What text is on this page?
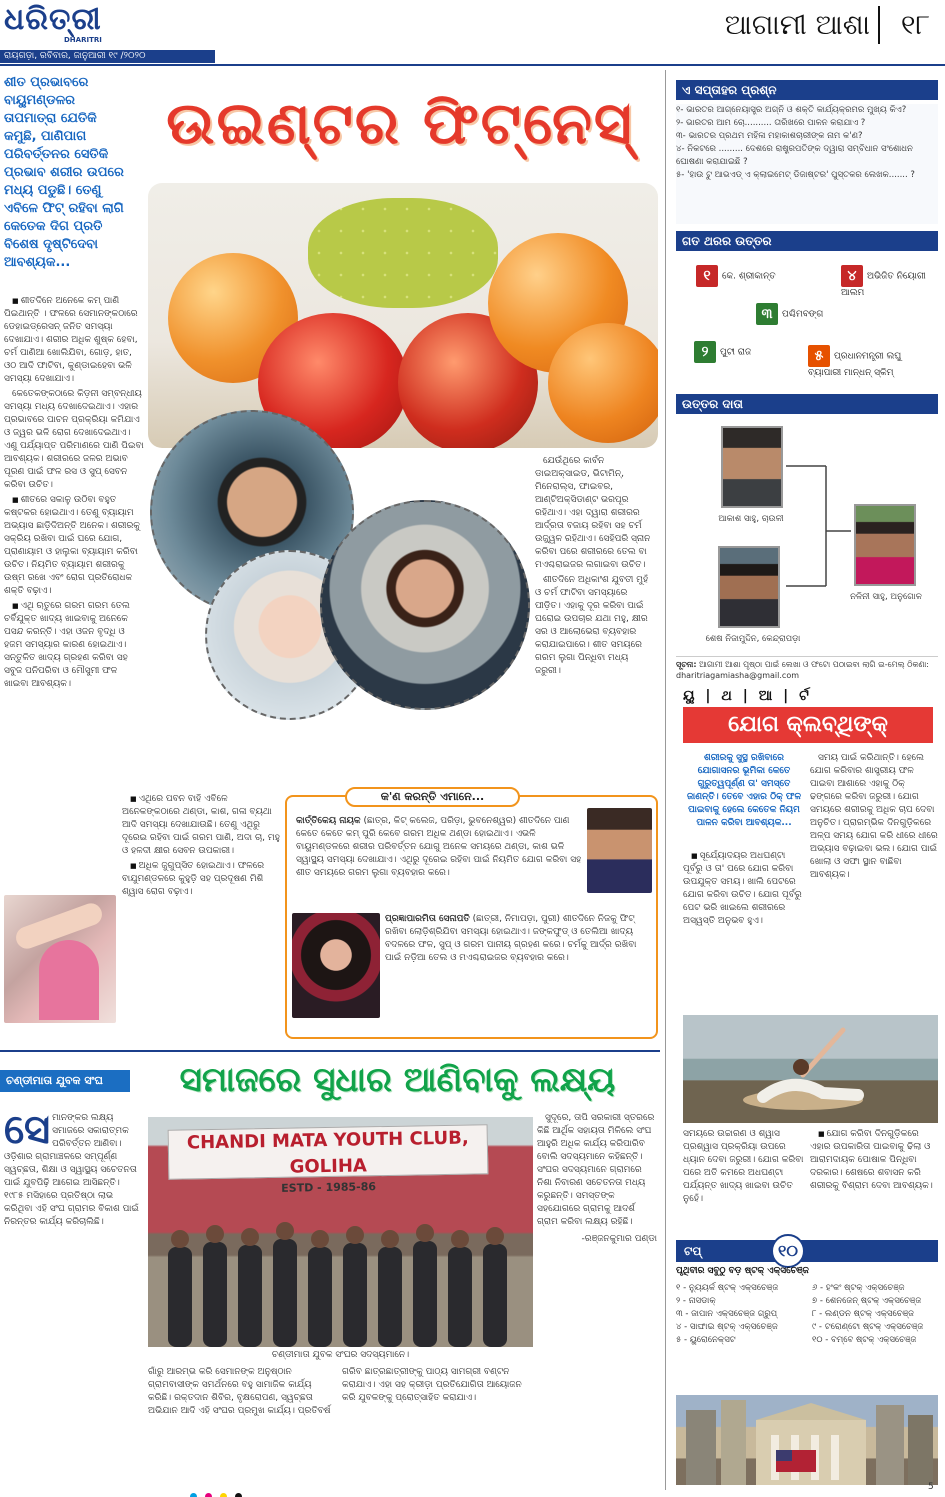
ଧରିତ୍ରୀ
DHARITRI
ରାୟଗଡ଼ା, ରବିବାର, ଜାନୁଆରୀ ୧୯ /୨୦୨୦
ଆଗାମୀ ଆଶା	୧୮
ଶୀତ ପ୍ରଭାବରେ ବାୟୁମଣ୍ଡଳର ତାପମାତ୍ରା ଯେତିକି କମୁଛି, ପାଣିପାଗ ପରିବର୍ତ୍ତନର ସେତିକି ପ୍ରଭାବ ଶରୀର ଉପରେ ମଧ୍ୟ ପଡୁଛି। ତେଣୁ ଏବିଳେ ଫିଟ୍ ରହିବା ଲାଗି କେତେକ ଦିଗ ପ୍ରତି ବିଶେଷ ଦୃଷ୍ଟିଦେବା ଆବଶ୍ୟକ...
ଉଇଣ୍ଟର ଫିଟ୍‌ନେସ୍

■ ଶୀତଦିନେ ଅନେକେ କମ୍ ପାଣି ପିଇଥାନ୍ତି । ଫଳରେ ସେମାନଙ୍କଠାରେ ଡେହାଇଡ୍ରେସନ୍ ଜନିତ ସମସ୍ୟା ଦେଖାଯାଏ। ଶରୀର ଅଧିକ ଶୁଷ୍କ ହେବା, ଚର୍ମ ପାଣିଆ ଖୋଲିଯିବା, ଗୋଡ଼, ହାତ, ଓଠ ଆଦି ଫାଟିବା, କୁଣ୍ଡାଇହେବା ଭଳି ସମସ୍ୟା ଦେଖାଯାଏ।

କେତେକଙ୍କଠାରେ କିଡ଼ନୀ ସମ୍ବନ୍ଧୀୟ ସମସ୍ୟା ମଧ୍ୟ ଦେଖାଦେଇଥାଏ। ଏହାର ପ୍ରଭାବରେ ପାଚନ ପ୍ରକ୍ରିୟା କମିଯାଏ ଓ ଜ୍ୱର ଭଳି ରୋଗ ଦେଖାଦେଇଥାଏ। ଏଣୁ ପର୍ଯ୍ୟାପ୍ତ ପରିମାଣରେ ପାଣି ପିଇବା ଆବଶ୍ୟକ। ଶରୀରରେ ଜଳର ଅଭାବ ପୂରଣ ପାଇଁ ଫଳ ରସ ଓ ସୁପ୍ ସେବନ କରିବା ଉଚିତ।

■ ଶୀତରେ ସକାଳୁ ଉଠିବା ବହୁତ କଷ୍ଟକର ହୋଇଥାଏ। ତେଣୁ ବ୍ୟାୟାମ ଅଭ୍ୟାସ ଛାଡ଼ିଦିଅନ୍ତି ଅନେକ। ଶରୀରକୁ ସକ୍ରିୟ ରଖିବା ପାଇଁ ଘରେ ଯୋଗ, ପ୍ରାଣାୟାମ ଓ ହାଲୁକା ବ୍ୟାୟାମ କରିବା ଉଚିତ। ନିୟମିତ ବ୍ୟାୟାମ ଶରୀରକୁ ଉଷ୍ମ ରଖେ ଏବଂ ରୋଗ ପ୍ରତିରୋଧକ ଶକ୍ତି ବଢ଼ାଏ।

■ ଏଥି ଋତୁରେ ଗରମ ଗରମ ତେଲ ଚର୍ବିଯୁକ୍ତ ଖାଦ୍ୟ ଖାଇବାକୁ ଅନେକେ ପସନ୍ଦ କରନ୍ତି। ଏହା ଓଜନ ବୃଦ୍ଧି ଓ ହଜମ ସମସ୍ୟାର କାରଣ ହୋଇଥାଏ। ସନ୍ତୁଳିତ ଖାଦ୍ୟ ଗ୍ରହଣ କରିବା ସହ ସବୁଜ ପନିପରିବା ଓ ମୌସୁମୀ ଫଳ ଖାଇବା ଆବଶ୍ୟକ।

ଯେଉଁଥିରେ କାର୍ବନ ଡାଇଅକ୍ସାଇଡ, ଭିଟାମିନ୍, ମିନେରାଲ୍ସ, ଫାଇବର, ଆଣ୍ଟିଅକ୍ସିଡାଣ୍ଟ ଭରପୂର ରହିଥାଏ। ଏହା ଦ୍ୱାରା ଶରୀରର ଆର୍ଦ୍ରତା ବଜାୟ ରହିବା ସହ ଚର୍ମ ଉଜ୍ଜ୍ୱଳ ରହିଥାଏ। ସେହିପରି ସ୍ନାନ କରିବା ପରେ ଶରୀରରେ ତେଲ ବା ମଏଶ୍ଚରାଇଜର ଲଗାଇବା ଉଚିତ।

ଶୀତଦିନେ ଅଧିକାଂଶ ଯୁବତୀ ମୁହଁ ଓ ଚର୍ମ ଫାଟିବା ସମସ୍ୟାରେ ପୀଡ଼ିତ। ଏହାକୁ ଦୂର କରିବା ପାଇଁ ଘରୋଇ ଉପଚାର ଯଥା ମହୁ, କ୍ଷୀର ସର ଓ ଆଲୋଭେରା ବ୍ୟବହାର କରାଯାଇପାରେ। ଶୀତ ସମୟରେ ଗରମ ଲୁଗା ପିନ୍ଧିବା ମଧ୍ୟ ଜରୁରୀ।

■ ଏଥିରେ ପବନ ବାହି ଏବିଳେ ଅନେକଙ୍କଠାରେ ଥଣ୍ଡା, କାଶ, ଗଳା ବ୍ୟଥା ଆଦି ସମସ୍ୟା ଦେଖାଯାଉଛି। ତେଣୁ ଏଥିରୁ ଦୂରେଇ ରହିବା ପାଇଁ ଗରମ ପାଣି, ଅଦା ଚା, ମହୁ ଓ ହଳଦୀ କ୍ଷୀର ସେବନ ଉପକାରୀ।

■ ଅଧିକ ଜୁଗୁପ୍ସିତ ହୋଇଥାଏ। ଫଳରେ ବାଯୁମଣ୍ଡଳରେ କୁହୁଡ଼ି ସହ ପ୍ରଦୂଷଣ ମିଶି ଶ୍ୱାସ ରୋଗ ବଢ଼ାଏ।

କ'ଣ କରନ୍ତି ଏମାନେ...
କାର୍ତ୍ତିକେୟ ନାୟକ (ଛାତ୍ର, କିଟ୍ କଲେଜ, ପରିଡ଼ା, ଭୁବନେଶ୍ୱର) ଶୀତଦିନେ ପାଣ କେତେ କେତେ କମ୍ ପୁରି କେବେ ଗରମ ଅଧିକ ଥଣ୍ଡା ହୋଇଥାଏ। ଏଭଳି ବାୟୁମଣ୍ଡଳରେ ଶରୀର ପରିବର୍ତ୍ତନ ଯୋଗୁ ଅନେକ ସମୟରେ ଥଣ୍ଡା, କାଶ ଭଳି ସ୍ୱାସ୍ଥ୍ୟ ସମସ୍ୟା ଦେଖାଯାଏ। ଏଥିରୁ ଦୂରେଇ ରହିବା ପାଇଁ ନିୟମିତ ଯୋଗ କରିବା ସହ ଶୀତ ସମୟରେ ଗରମ ଲୁଗା ବ୍ୟବହାର କରେ।
ପ୍ରଜ୍ଞାପାରମିତା ସେନାପତି (ଛାତ୍ରୀ, ନିମାପଡ଼ା, ପୁରୀ) ଶୀତଦିନେ ନିଜକୁ ଫିଟ୍ ରଖିବା ଲୋଡ଼ିଶ୍ରିଯିବା ସମସ୍ୟା ହୋଇଥାଏ। ଜଙ୍କଫୁଡ୍ ଓ ତେଲିଆ ଖାଦ୍ୟ ବଦଳରେ ଫଳ, ସୁପ୍ ଓ ଗରମ ପାନୀୟ ଗ୍ରହଣ କରେ। ଚର୍ମକୁ ଆର୍ଦ୍ର ରଖିବା ପାଇଁ ନଡ଼ିଆ ତେଲ ଓ ମଏଶ୍ଚରାଇଜର ବ୍ୟବହାର କରେ।
ଚଣ୍ଡୀମାତା ଯୁବକ ସଂଘ	ସମାଜରେ ସୁଧାର ଆଣିବାକୁ ଲକ୍ଷ୍ୟ
ସେ ମାନଙ୍କର ଲକ୍ଷ୍ୟ ସମାଜରେ ସକାରାତ୍ମକ ପରିବର୍ତ୍ତନ ଆଣିବା। ଓଡ଼ିଶାର ଗ୍ରାମାଞ୍ଚଳରେ ସମ୍ପୂର୍ଣ୍ଣ ସ୍ୱଚ୍ଛତା, ଶିକ୍ଷା ଓ ସ୍ୱାସ୍ଥ୍ୟ ସଚେତନତା ପାଇଁ ଯୁବପିଢ଼ି ଆଗେଇ ଆସିଛନ୍ତି। ୧୯୮୫ ମସିହାରେ ପ୍ରତିଷ୍ଠା ଲାଭ କରିଥିବା ଏହି ସଂଘ ଗ୍ରାମର ବିକାଶ ପାଇଁ ନିରନ୍ତର କାର୍ଯ୍ୟ କରିଚାଲିଛି।
CHANDI MATA YOUTH CLUB, GOLIHA
ESTD - 1985-86
ଚଣ୍ଡୀମାତା ଯୁବକ ସଂଘର ସଦସ୍ୟମାନେ।
ଗାଁରୁ ଆରମ୍ଭ କରି ସେମାନଙ୍କ ଅନୁଷ୍ଠାନ ଗ୍ରାମବାସୀଙ୍କ ସମର୍ଥନରେ ବହୁ ସାମାଜିକ କାର୍ଯ୍ୟ କରିଛି। ରକ୍ତଦାନ ଶିବିର, ବୃକ୍ଷରୋପଣ, ସ୍ୱଚ୍ଛତା ଅଭିଯାନ ଆଦି ଏହି ସଂଘର ପ୍ରମୁଖ କାର୍ଯ୍ୟ। ପ୍ରତିବର୍ଷ ଗରିବ ଛାତ୍ରଛାତ୍ରୀଙ୍କୁ ପାଠ୍ୟ ସାମଗ୍ରୀ ବଣ୍ଟନ କରାଯାଏ। ଏହା ସହ କ୍ରୀଡ଼ା ପ୍ରତିଯୋଗିତା ଆୟୋଜନ କରି ଯୁବକଙ୍କୁ ପ୍ରୋତ୍ସାହିତ କରାଯାଏ।

ସୁଦୂରେ, ତାପି ସରକାରୀ ସ୍ତରରେ କିଛି ଆର୍ଥିକ ସହାୟତା ମିଳିଲେ ସଂଘ ଆହୁରି ଅଧିକ କାର୍ଯ୍ୟ କରିପାରିବ ବୋଲି ସଦସ୍ୟମାନେ କହିଛନ୍ତି। ସଂଘର ସଦସ୍ୟମାନେ ଗ୍ରାମରେ ନିଶା ନିବାରଣ ସଚେତନତା ମଧ୍ୟ କରୁଛନ୍ତି। ସମସ୍ତଙ୍କ ସହଯୋଗରେ ଗ୍ରାମକୁ ଆଦର୍ଶ ଗ୍ରାମ କରିବା ଲକ୍ଷ୍ୟ ରହିଛି।

-ରଞ୍ଜନକୁମାର ପଣ୍ଡା

ଏ ସପ୍ତାହର ପ୍ରଶ୍ନ
୧- ଭାରତର ଆଗ୍ନେୟାସ୍ତ୍ର ଅଗ୍ନି ଓ ଶକ୍ତି କାର୍ଯ୍ୟକ୍ରମର ମୁଖ୍ୟ କିଏ?
୨- ଭାରତର ଆମ ଚୋ.......... ତାରିଖରେ ପାଳନ କରାଯାଏ ?
୩- ଭାରତର ପ୍ରଥମ ମହିଳା ମହାକାଶଚାରୀଙ୍କ ନାମ କ'ଣ?
୪- ନିକଟରେ ......... ଦେଶରେ ରାଷ୍ଟ୍ରପତିଙ୍କ ଦ୍ୱାରା ସମ୍ବିଧାନ ସଂଶୋଧନ ଘୋଷଣା କରାଯାଇଛି ?
୫- 'ହାଉ ଟୁ ଆଭଏଡ୍ ଏ କ୍ଲାଇମେଟ୍ ଡିଜାଷ୍ଟର' ପୁସ୍ତକର ଲେଖକ....... ?
ଗତ ଥରର ଉତ୍ତର
୧ କେ. ଶ୍ରୀକାନ୍ତ	୪ ଅଭିଜିତ ନିୟୋଗୀ ଆଲମ
୩ ପଶ୍ଚିମବଙ୍ଗ
୨ ପୁଟୀ ରାଜ	୫ ପ୍ରଧାନମନ୍ତ୍ରୀ ଲଘୁ ବ୍ୟାପାରୀ ମାନ୍‌ଧନ୍ ସ୍କିମ୍
ଉତ୍ତର ଦାତା
ଆକାଶ ସାହୁ, ଚାଉଳୀ
ନଳିନୀ ସାହୁ, ଅନୁଗୋଳ
ଶେଷ ନିଜାମୁଦ୍ଦିନ, କେନ୍ଦ୍ରାପଡ଼ା
ସୂଚନା: ଆଗାମୀ ଆଶା ପୃଷ୍ଠା ପାଇଁ ଲେଖା ଓ ଫଟୋ ପଠାଇବା ଲାଗି ଇ-ମେଲ୍ ଠିକଣା: dharitriagamiasha@gmail.com
ୟୁ | ଥ | ଆ | ର୍ଟ
ଯୋଗ କ୍ଲବ୍‌ଥିଙ୍କ୍
ଶରୀରକୁ ସୁସ୍ଥ ରଖିବାରେ ଯୋଗାସନର ଭୂମିକା କେତେ ଗୁରୁତ୍ୱପୂର୍ଣ୍ଣ ତା' ସମସ୍ତେ ଜାଣନ୍ତି। ତେବେ ଏହାର ଠିକ୍ ଫଳ ପାଇବାକୁ ହେଲେ କେତେକ ନିୟମ ପାଳନ କରିବା ଆବଶ୍ୟକ...

■ ସୂର୍ଯ୍ୟୋଦୟର ଅଧଘଣ୍ଟା ପୂର୍ବରୁ ଓ ତା' ପରେ ଯୋଗ କରିବା ଉପଯୁକ୍ତ ସମୟ। ଖାଲି ପେଟରେ ଯୋଗ କରିବା ଉଚିତ। ଯୋଗ ପୂର୍ବରୁ ପେଟ ଭରି ଖାଇଲେ ଶରୀରରେ ଅସ୍ୱସ୍ତି ଅନୁଭବ ହୁଏ।

ସମୟ ପାଇଁ କରିଥାନ୍ତି। ହେଲେ ଯୋଗ କରିବାର ଶାସ୍ତ୍ରୀୟ ଫଳ ପାଇବା ଆଶାରେ ଏହାକୁ ଠିକ୍ ଢଙ୍ଗରେ କରିବା ଜରୁରୀ। ଯୋଗ ସମୟରେ ଶରୀରକୁ ଅଧିକ ଚାପ ଦେବା ଅନୁଚିତ। ପ୍ରାରମ୍ଭିକ ଦିନଗୁଡ଼ିକରେ ଅଳ୍ପ ସମୟ ଯୋଗ କରି ଧୀରେ ଧୀରେ ଅଭ୍ୟାସ ବଢ଼ାଇବା ଭଲ। ଯୋଗ ପାଇଁ ଖୋଲା ଓ ସଫା ସ୍ଥାନ ବାଛିବା ଆବଶ୍ୟକ।

ସମୟରେ ଉଚ୍ଚାରଣ ଓ ଶ୍ୱାସ ପ୍ରଶ୍ୱାସ ପ୍ରକ୍ରିୟା ଉପରେ ଧ୍ୟାନ ଦେବା ଜରୁରୀ। ଯୋଗ କରିବା ପରେ ଅତି କମରେ ଅଧଘଣ୍ଟା ପର୍ଯ୍ୟନ୍ତ ଖାଦ୍ୟ ଖାଇବା ଉଚିତ ନୁହେଁ।

■ ଯୋଗ କରିବା ଦିନଗୁଡ଼ିକରେ ଏହାର ଉପକାରିତା ପାଇବାକୁ ଢିଲା ଓ ଆରାମଦାୟକ ପୋଷାକ ପିନ୍ଧିବା ଦରକାର। ଶେଷରେ ଶବାସନ କରି ଶରୀରକୁ ବିଶ୍ରାମ ଦେବା ଆବଶ୍ୟକ।

ଟପ୍	୧୦
ପୃଥିବୀର ସବୁଠୁ ବଡ଼ ଷ୍ଟକ୍ ଏକ୍ସଚେଞ୍ଜ
୧ - ନ୍ୟୁୟର୍କ ଷ୍ଟକ୍ ଏକ୍ସଚେଞ୍ଜ
୨ - ନାସଡାକ୍
୩ - ଜାପାନ ଏକ୍ସଚେଞ୍ଜ ଗ୍ରୁପ୍
୪ - ସାଙ୍ଘାଇ ଷ୍ଟକ୍ ଏକ୍ସଚେଞ୍ଜ
୫ - ୟୁରୋନେକ୍ସଟ
୬ - ହଂକଂ ଷ୍ଟକ୍ ଏକ୍ସଚେଞ୍ଜ
୭ - ଶେନଜେନ୍ ଷ୍ଟକ୍ ଏକ୍ସଚେଞ୍ଜ
୮ - ଲଣ୍ଡନ ଷ୍ଟକ୍ ଏକ୍ସଚେଞ୍ଜ
୯ - ଟରୋଣ୍ଟୋ ଷ୍ଟକ୍ ଏକ୍ସଚେଞ୍ଜ
୧୦ - ବମ୍ବେ ଷ୍ଟକ୍ ଏକ୍ସଚେଞ୍ଜ

5
